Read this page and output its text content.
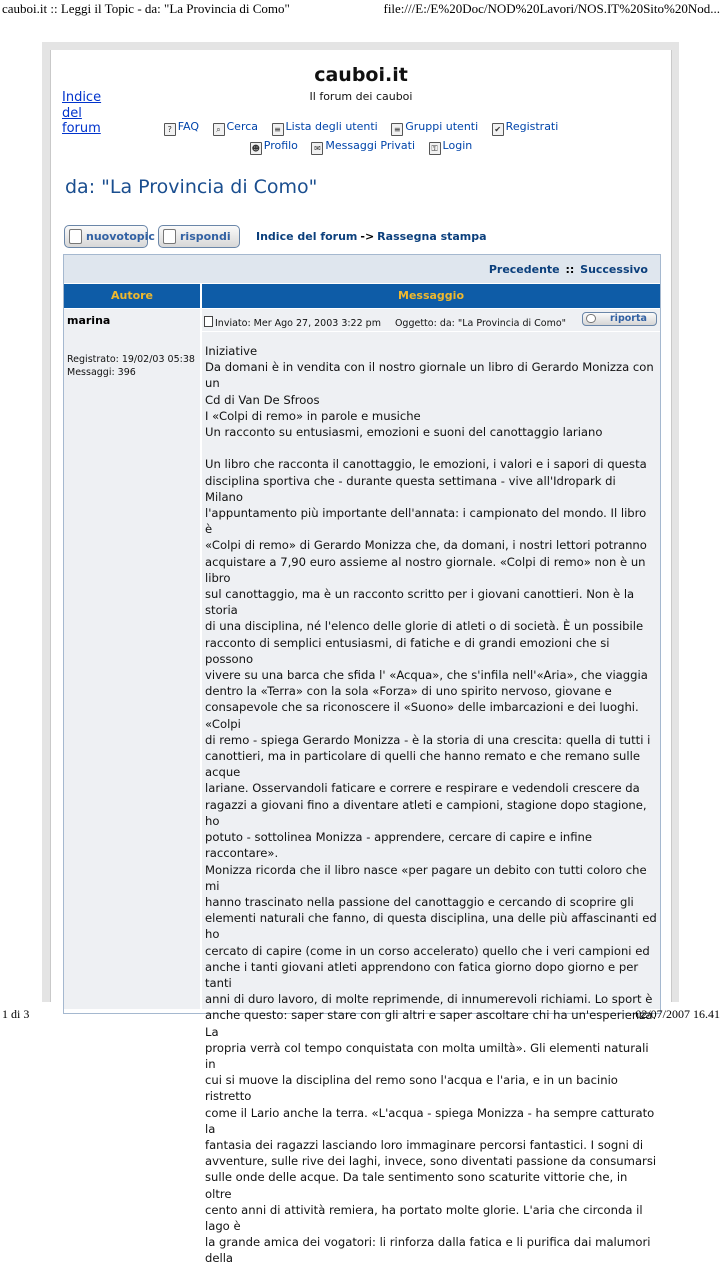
cauboi.it :: Leggi il Topic - da: "La Provincia di Como"	file:///E:/E%20Doc/NOD%20Lavori/NOS.IT%20Sito%20Nod...
Indice del forum
cauboi.it
Il forum dei cauboi
? FAQ ⌕ Cerca ≡ Lista degli utenti ≡ Gruppi utenti ✔ Registrati
☻ Profilo ✉ Messaggi Privati ⚿ Login
da: "La Provincia di Como"
nuovotopic rispondi Indice del forum -> Rassegna stampa
Precedente :: Successivo
Autore	Messaggio
marina
Registrato: 19/02/03 05:38
Messaggi: 396
Inviato: Mer Ago 27, 2003 3:22 pm Oggetto: da: "La Provincia di Como"	riporta

Iniziative

Da domani è in vendita con il nostro giornale un libro di Gerardo Monizza con un

Cd di Van De Sfroos

I «Colpi di remo» in parole e musiche

Un racconto su entusiasmi, emozioni e suoni del canottaggio lariano

Un libro che racconta il canottaggio, le emozioni, i valori e i sapori di questa

disciplina sportiva che - durante questa settimana - vive all'Idropark di Milano

l'appuntamento più importante dell'annata: i campionato del mondo. Il libro è

«Colpi di remo» di Gerardo Monizza che, da domani, i nostri lettori potranno

acquistare a 7,90 euro assieme al nostro giornale. «Colpi di remo» non è un libro

sul canottaggio, ma è un racconto scritto per i giovani canottieri. Non è la storia

di una disciplina, né l'elenco delle glorie di atleti o di società. È un possibile

racconto di semplici entusiasmi, di fatiche e di grandi emozioni che si possono

vivere su una barca che sfida l' «Acqua», che s'infila nell'«Aria», che viaggia

dentro la «Terra» con la sola «Forza» di uno spirito nervoso, giovane e

consapevole che sa riconoscere il «Suono» delle imbarcazioni e dei luoghi. «Colpi

di remo - spiega Gerardo Monizza - è la storia di una crescita: quella di tutti i

canottieri, ma in particolare di quelli che hanno remato e che remano sulle acque

lariane. Osservandoli faticare e correre e respirare e vedendoli crescere da

ragazzi a giovani fino a diventare atleti e campioni, stagione dopo stagione, ho

potuto - sottolinea Monizza - apprendere, cercare di capire e infine raccontare».

Monizza ricorda che il libro nasce «per pagare un debito con tutti coloro che mi

hanno trascinato nella passione del canottaggio e cercando di scoprire gli

elementi naturali che fanno, di questa disciplina, una delle più affascinanti ed ho

cercato di capire (come in un corso accelerato) quello che i veri campioni ed

anche i tanti giovani atleti apprendono con fatica giorno dopo giorno e per tanti

anni di duro lavoro, di molte reprimende, di innumerevoli richiami. Lo sport è

anche questo: saper stare con gli altri e saper ascoltare chi ha un'esperienza. La

propria verrà col tempo conquistata con molta umiltà». Gli elementi naturali in

cui si muove la disciplina del remo sono l'acqua e l'aria, e in un bacinio ristretto

come il Lario anche la terra. «L'acqua - spiega Monizza - ha sempre catturato la

fantasia dei ragazzi lasciando loro immaginare percorsi fantastici. I sogni di

avventure, sulle rive dei laghi, invece, sono diventati passione da consumarsi

sulle onde delle acque. Da tale sentimento sono scaturite vittorie che, in oltre

cento anni di attività remiera, ha portato molte glorie. L'aria che circonda il lago è

la grande amica dei vogatori: li rinforza dalla fatica e li purifica dai malumori della

1 di 3	02/07/2007 16.41
